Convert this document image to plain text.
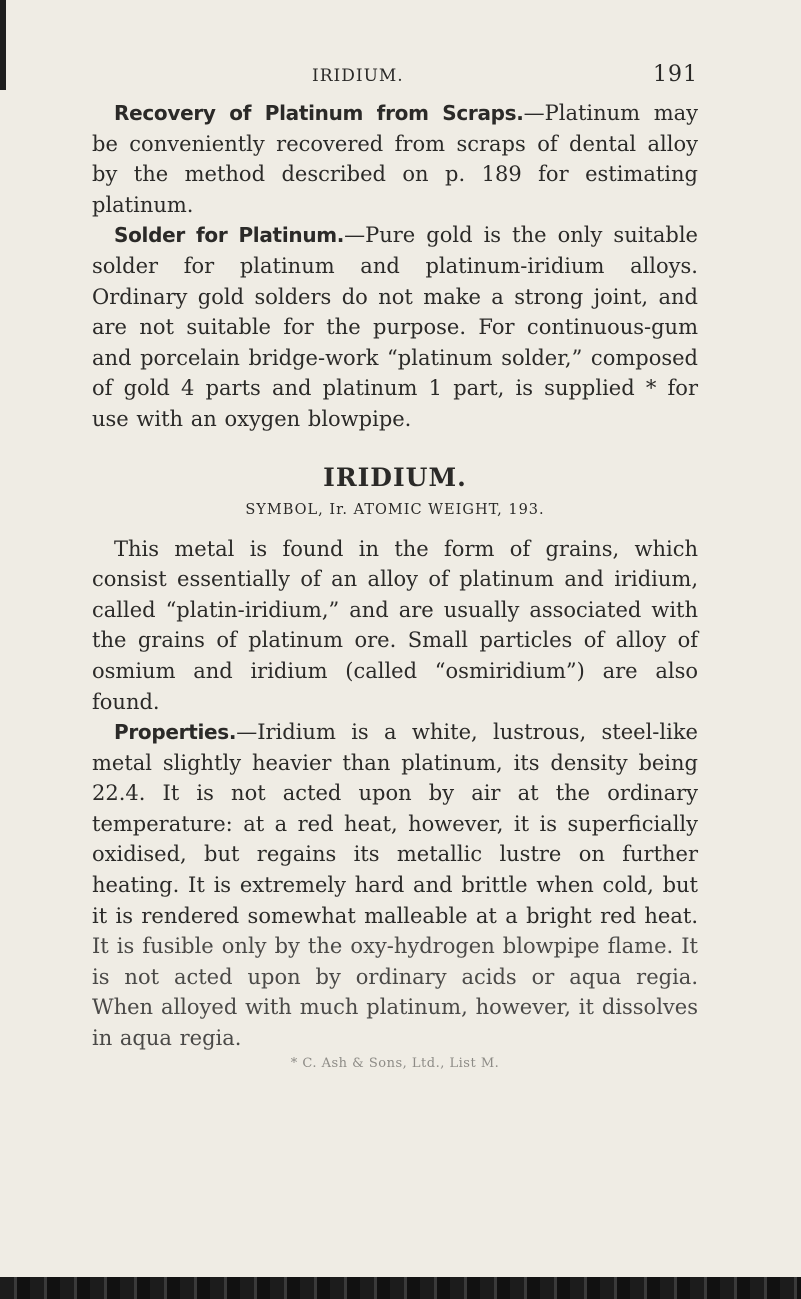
IRIDIUM.	191

Recovery of Platinum from Scraps.—Platinum may be conveniently recovered from scraps of dental alloy by the method described on p. 189 for estimating platinum.

Solder for Platinum.—Pure gold is the only suitable solder for platinum and platinum-iridium alloys. Ordinary gold solders do not make a strong joint, and are not suitable for the purpose. For continuous-gum and porcelain bridge-work “platinum solder,” composed of gold 4 parts and platinum 1 part, is supplied * for use with an oxygen blowpipe.

IRIDIUM.
SYMBOL, Ir. ATOMIC WEIGHT, 193.

This metal is found in the form of grains, which consist essentially of an alloy of platinum and iridium, called “platin-iridium,” and are usually associated with the grains of platinum ore. Small particles of alloy of osmium and iridium (called “osmiridium”) are also found.

Properties.—Iridium is a white, lustrous, steel-like metal slightly heavier than platinum, its density being 22.4. It is not acted upon by air at the ordinary temperature: at a red heat, however, it is superficially oxidised, but regains its metallic lustre on further heating. It is extremely hard and brittle when cold, but it is rendered somewhat malleable at a bright red heat. It is fusible only by the oxy-hydrogen blowpipe flame. It is not acted upon by ordinary acids or aqua regia. When alloyed with much platinum, however, it dissolves in aqua regia.

* C. Ash & Sons, Ltd., List M.
